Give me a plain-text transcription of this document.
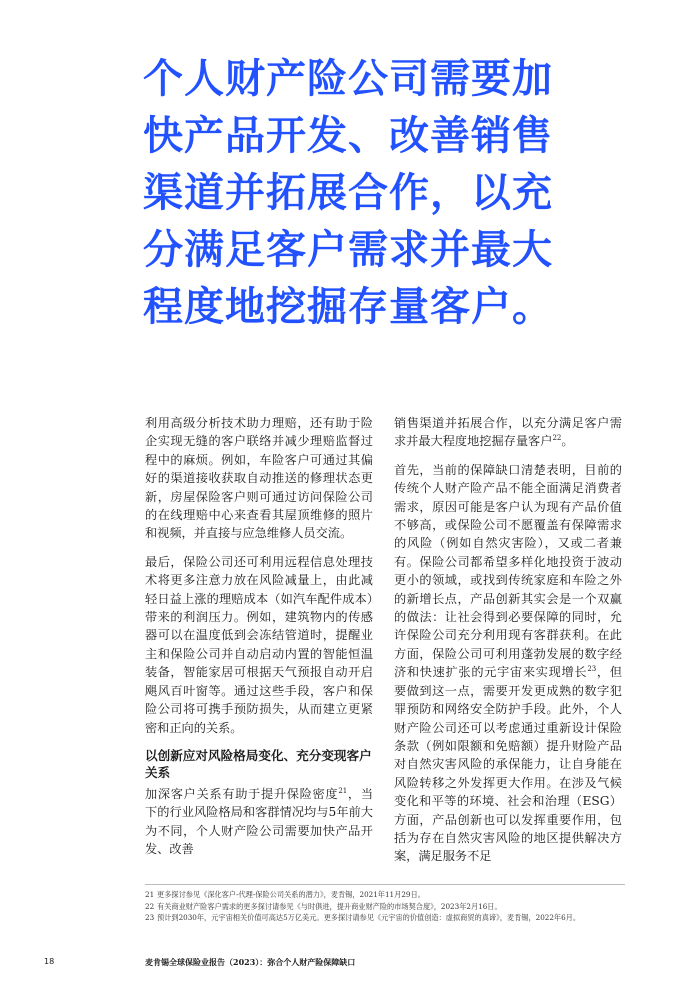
个人财产险公司需要加快产品开发、改善销售渠道并拓展合作，以充分满足客户需求并最大程度地挖掘存量客户。

利用高级分析技术助力理赔，还有助于险企实现无缝的客户联络并减少理赔监督过程中的麻烦。例如，车险客户可通过其偏好的渠道接收获取自动推送的修理状态更新，房屋保险客户则可通过访问保险公司的在线理赔中心来查看其屋顶维修的照片和视频，并直接与应急维修人员交流。

最后，保险公司还可利用远程信息处理技术将更多注意力放在风险减量上，由此减轻日益上涨的理赔成本（如汽车配件成本）带来的利润压力。例如，建筑物内的传感器可以在温度低到会冻结管道时，提醒业主和保险公司并自动启动内置的智能恒温装备，智能家居可根据天气预报自动开启飓风百叶窗等。通过这些手段，客户和保险公司将可携手预防损失，从而建立更紧密和正向的关系。

以创新应对风险格局变化、充分变现客户关系

加深客户关系有助于提升保险密度$^{21}$，当下的行业风险格局和客群情况均与5年前大为不同，个人财产险公司需要加快产品开发、改善

销售渠道并拓展合作，以充分满足客户需求并最大程度地挖掘存量客户$^{22}$。

首先，当前的保障缺口清楚表明，目前的传统个人财产险产品不能全面满足消费者需求，原因可能是客户认为现有产品价值不够高，或保险公司不愿覆盖有保障需求的风险（例如自然灾害险），又或二者兼有。保险公司都希望多样化地投资于波动更小的领域，或找到传统家庭和车险之外的新增长点，产品创新其实会是一个双赢的做法：让社会得到必要保障的同时，允许保险公司充分利用现有客群获利。在此方面，保险公司可利用蓬勃发展的数字经济和快速扩张的元宇宙来实现增长$^{23}$，但要做到这一点，需要开发更成熟的数字犯罪预防和网络安全防护手段。此外，个人财产险公司还可以考虑通过重新设计保险条款（例如限额和免赔额）提升财险产品对自然灾害风险的承保能力，让自身能在风险转移之外发挥更大作用。在涉及气候变化和平等的环境、社会和治理（ESG）方面，产品创新也可以发挥重要作用，包括为存在自然灾害风险的地区提供解决方案，满足服务不足

21 更多探讨参见《深化客户-代理-保险公司关系的潜力》，麦肯锡，2021年11月29日。
22 有关商业财产险客户需求的更多探讨请参见《与时俱进，提升商业财产险的市场契合度》，2023年2月16日。
23 预计到2030年，元宇宙相关价值可高达5万亿美元。更多探讨请参见《元宇宙的价值创造：虚拟商贸的真谛》，麦肯锡，2022年6月。
18	麦肯锡全球保险业报告（2023）：弥合个人财产险保障缺口
